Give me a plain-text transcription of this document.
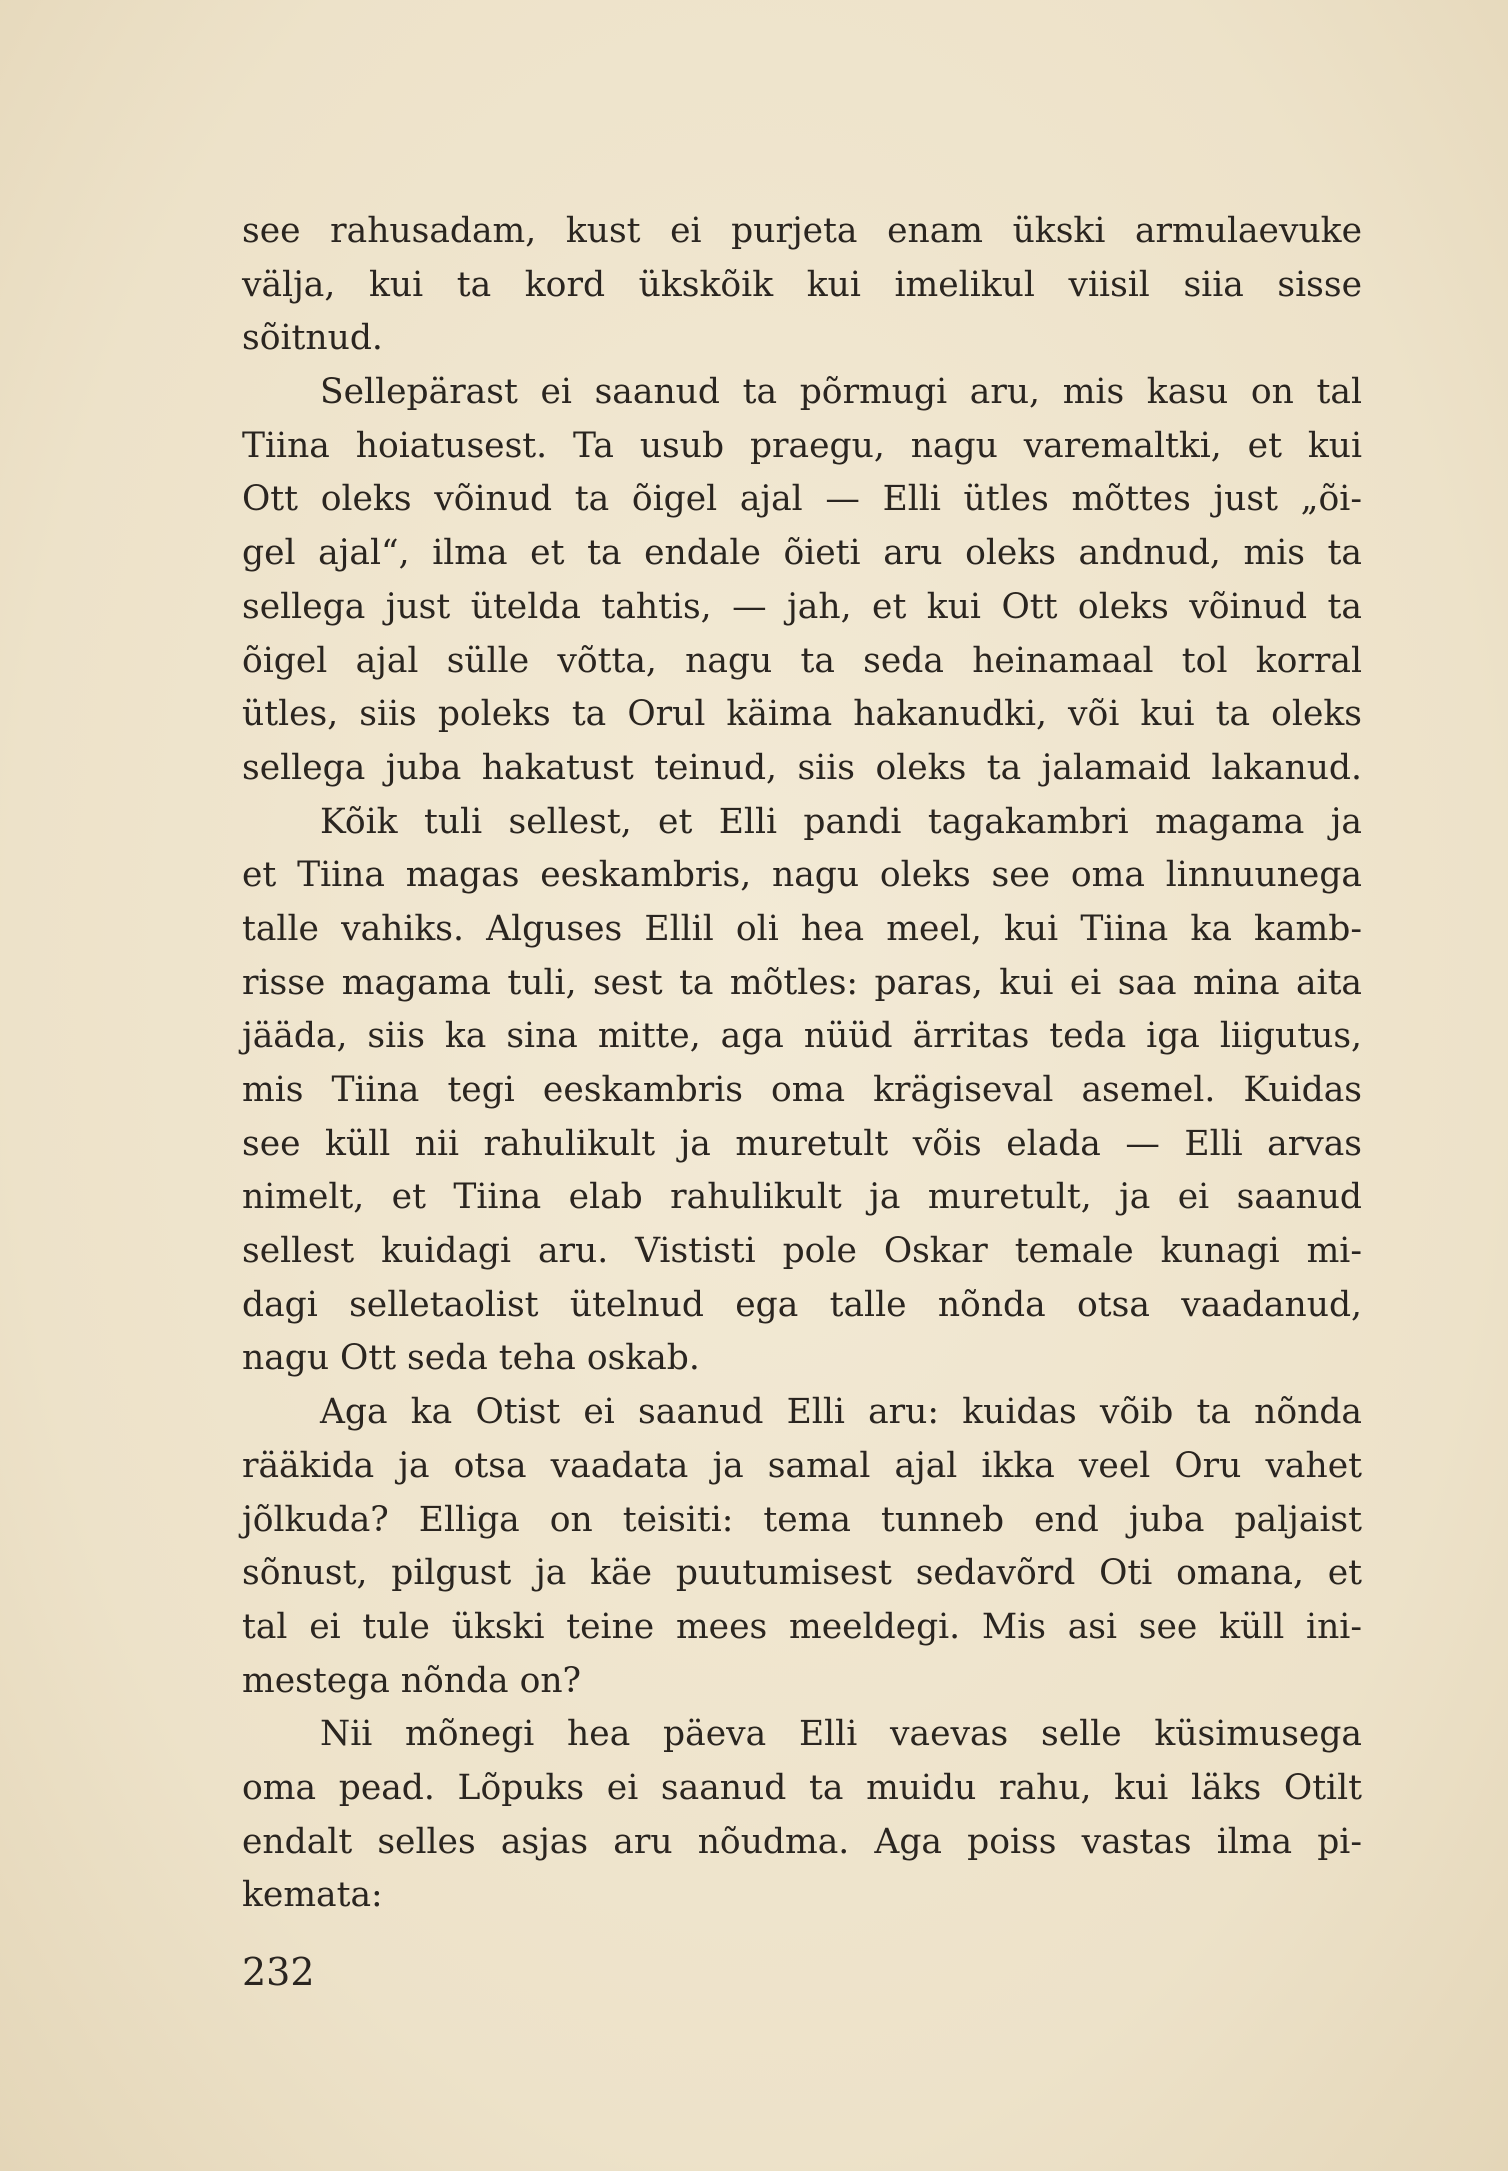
see rahusadam, kust ei purjeta enam ükski armulaevuke
välja, kui ta kord ükskõik kui imelikul viisil siia sisse
sõitnud.
Sellepärast ei saanud ta põrmugi aru, mis kasu on tal
Tiina hoiatusest. Ta usub praegu, nagu varemaltki, et kui
Ott oleks võinud ta õigel ajal — Elli ütles mõttes just „õi-
gel ajal“, ilma et ta endale õieti aru oleks andnud, mis ta
sellega just ütelda tahtis, — jah, et kui Ott oleks võinud ta
õigel ajal sülle võtta, nagu ta seda heinamaal tol korral
ütles, siis poleks ta Orul käima hakanudki, või kui ta oleks
sellega juba hakatust teinud, siis oleks ta jalamaid lakanud.
Kõik tuli sellest, et Elli pandi tagakambri magama ja
et Tiina magas eeskambris, nagu oleks see oma linnuunega
talle vahiks. Alguses Ellil oli hea meel, kui Tiina ka kamb-
risse magama tuli, sest ta mõtles: paras, kui ei saa mina aita
jääda, siis ka sina mitte, aga nüüd ärritas teda iga liigutus,
mis Tiina tegi eeskambris oma krägiseval asemel. Kuidas
see küll nii rahulikult ja muretult võis elada — Elli arvas
nimelt, et Tiina elab rahulikult ja muretult, ja ei saanud
sellest kuidagi aru. Vististi pole Oskar temale kunagi mi-
dagi selletaolist ütelnud ega talle nõnda otsa vaadanud,
nagu Ott seda teha oskab.
Aga ka Otist ei saanud Elli aru: kuidas võib ta nõnda
rääkida ja otsa vaadata ja samal ajal ikka veel Oru vahet
jõlkuda? Elliga on teisiti: tema tunneb end juba paljaist
sõnust, pilgust ja käe puutumisest sedavõrd Oti omana, et
tal ei tule ükski teine mees meeldegi. Mis asi see küll ini-
mestega nõnda on?
Nii mõnegi hea päeva Elli vaevas selle küsimusega
oma pead. Lõpuks ei saanud ta muidu rahu, kui läks Otilt
endalt selles asjas aru nõudma. Aga poiss vastas ilma pi-
kemata:
232
